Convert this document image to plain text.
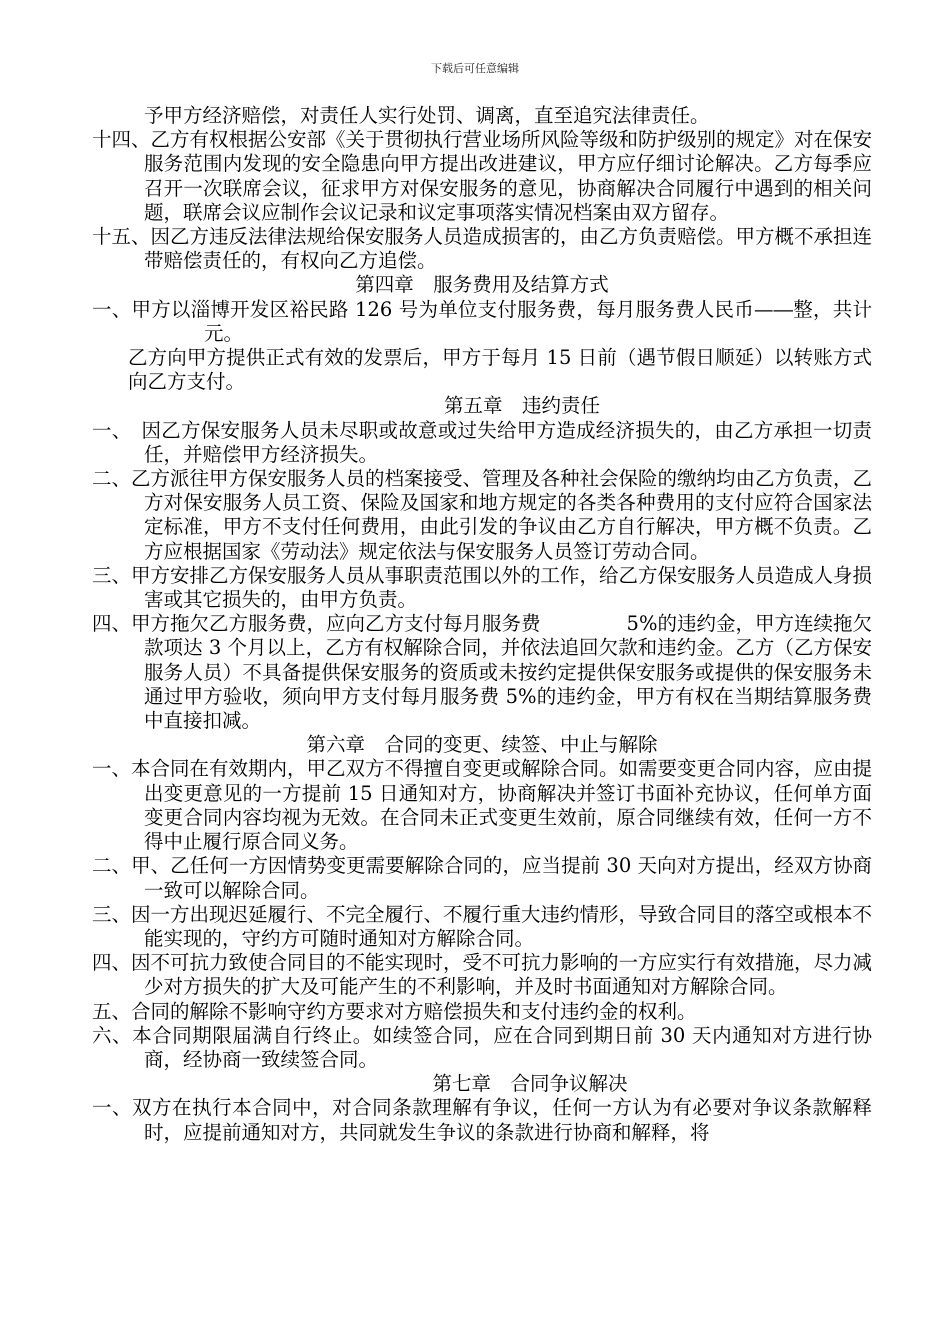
下载后可任意编辑

予甲方经济赔偿，对责任人实行处罚、调离，直至追究法律责任。

十四、乙方有权根据公安部《关于贯彻执行营业场所风险等级和防护级别的规定》对在保安服务范围内发现的安全隐患向甲方提出改进建议，甲方应仔细讨论解决。乙方每季应召开一次联席会议，征求甲方对保安服务的意见，协商解决合同履行中遇到的相关问题，联席会议应制作会议记录和议定事项落实情况档案由双方留存。

十五、因乙方违反法律法规给保安服务人员造成损害的，由乙方负责赔偿。甲方概不承担连带赔偿责任的，有权向乙方追偿。

第四章　服务费用及结算方式

一、甲方以淄博开发区裕民路 126 号为单位支付服务费，每月服务费人民币—―整，共计元。

乙方向甲方提供正式有效的发票后，甲方于每月 15 日前（遇节假日顺延）以转账方式向乙方支付。

第五章　违约责任

一、　因乙方保安服务人员未尽职或故意或过失给甲方造成经济损失的，由乙方承担一切责任，并赔偿甲方经济损失。

二、乙方派往甲方保安服务人员的档案接受、管理及各种社会保险的缴纳均由乙方负责，乙方对保安服务人员工资、保险及国家和地方规定的各类各种费用的支付应符合国家法定标准，甲方不支付任何费用，由此引发的争议由乙方自行解决，甲方概不负责。乙方应根据国家《劳动法》规定依法与保安服务人员签订劳动合同。

三、甲方安排乙方保安服务人员从事职责范围以外的工作，给乙方保安服务人员造成人身损害或其它损失的，由甲方负责。

四、甲方拖欠乙方服务费，应向乙方支付每月服务费	5%的违约金，甲方连续拖欠款项达 3 个月以上，乙方有权解除合同，并依法追回欠款和违约金。乙方（乙方保安服务人员）不具备提供保安服务的资质或未按约定提供保安服务或提供的保安服务未通过甲方验收，须向甲方支付每月服务费 5%的违约金，甲方有权在当期结算服务费中直接扣减。

第六章　合同的变更、续签、中止与解除

一、本合同在有效期内，甲乙双方不得擅自变更或解除合同。如需要变更合同内容，应由提出变更意见的一方提前 15 日通知对方，协商解决并签订书面补充协议，任何单方面变更合同内容均视为无效。在合同未正式变更生效前，原合同继续有效，任何一方不得中止履行原合同义务。

二、甲、乙任何一方因情势变更需要解除合同的，应当提前 30 天向对方提出，经双方协商一致可以解除合同。

三、因一方出现迟延履行、不完全履行、不履行重大违约情形，导致合同目的落空或根本不能实现的，守约方可随时通知对方解除合同。

四、因不可抗力致使合同目的不能实现时，受不可抗力影响的一方应实行有效措施，尽力减少对方损失的扩大及可能产生的不利影响，并及时书面通知对方解除合同。

五、合同的解除不影响守约方要求对方赔偿损失和支付违约金的权利。

六、本合同期限届满自行终止。如续签合同，应在合同到期日前 30 天内通知对方进行协商，经协商一致续签合同。

第七章　合同争议解决

一、双方在执行本合同中，对合同条款理解有争议，任何一方认为有必要对争议条款解释时，应提前通知对方，共同就发生争议的条款进行协商和解释，将
